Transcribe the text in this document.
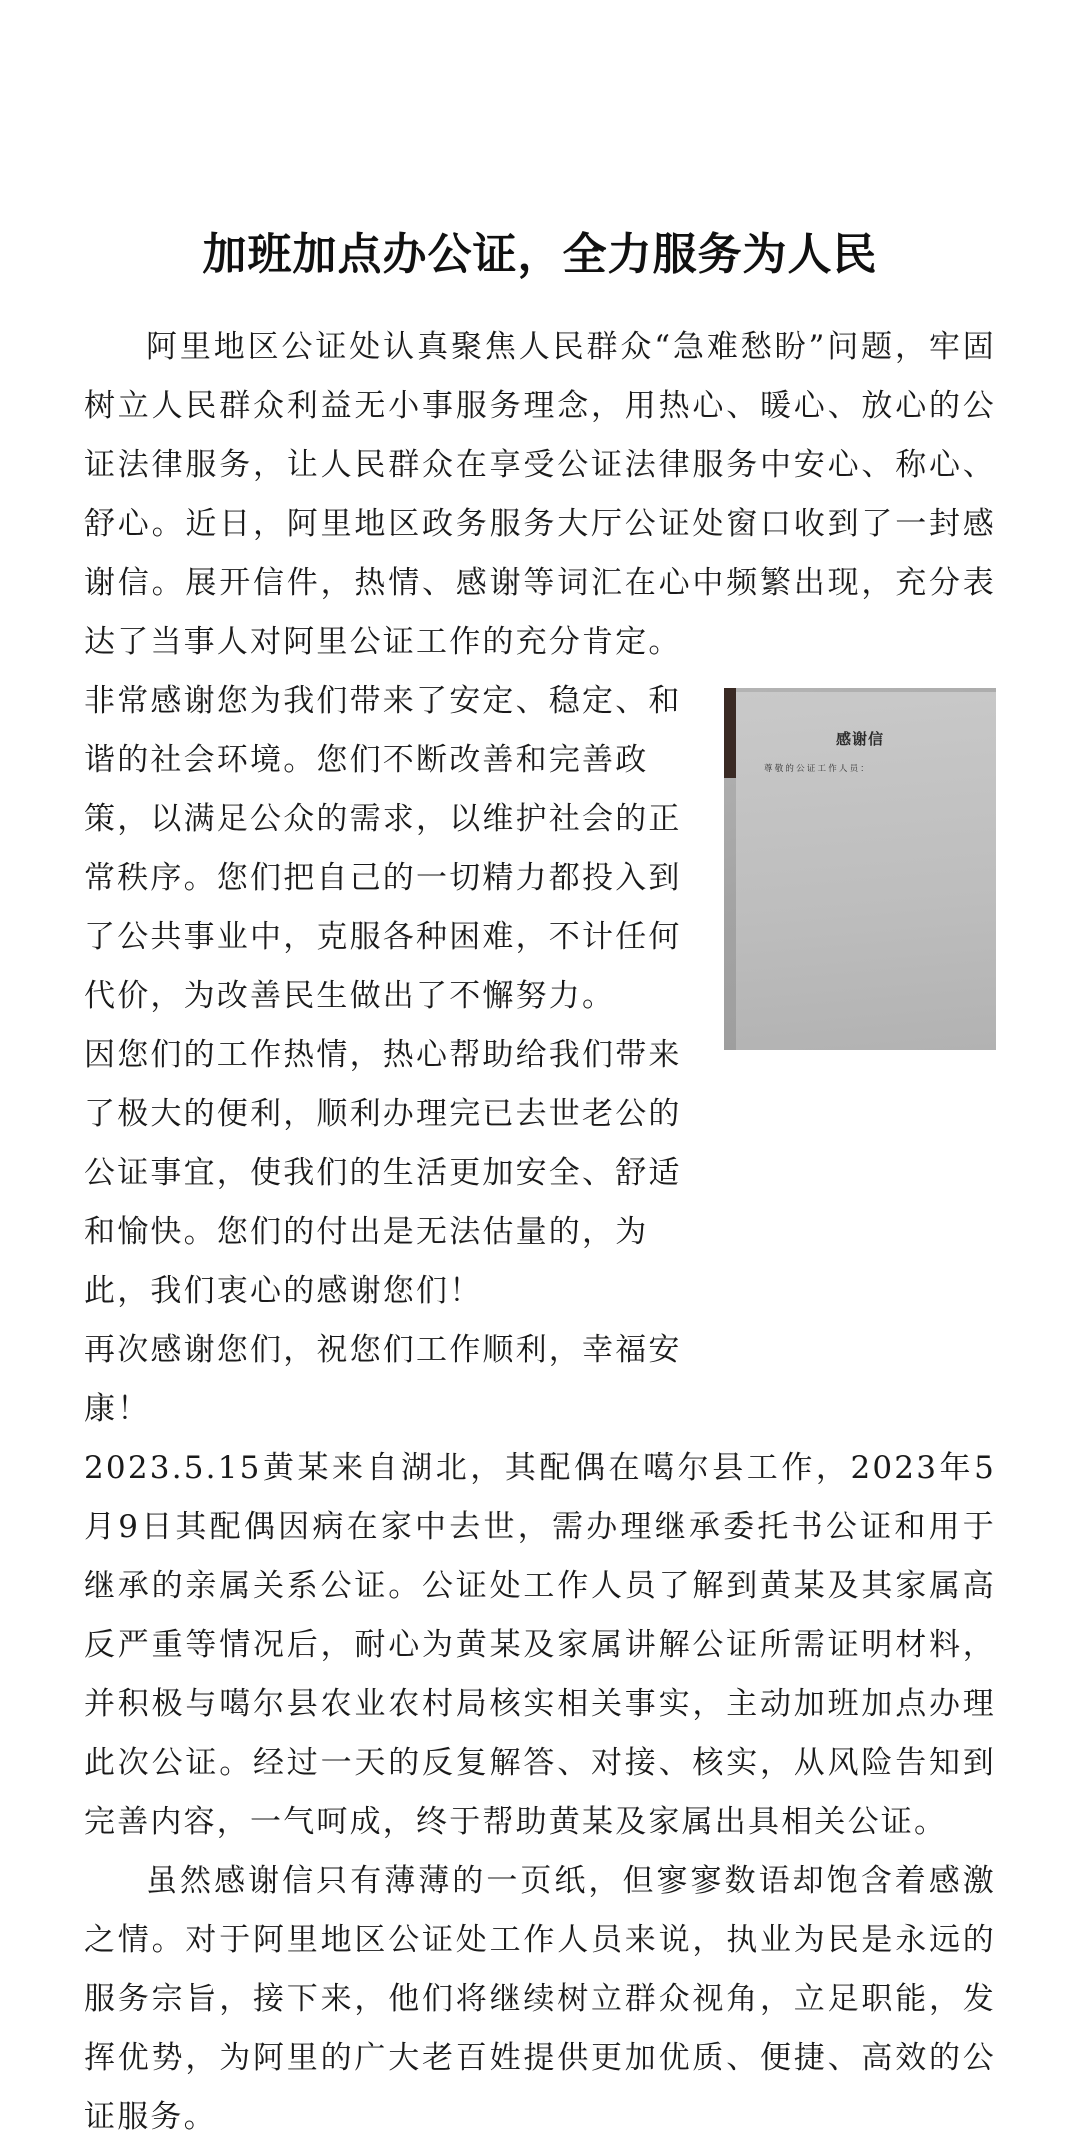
加班加点办公证，全力服务为人民

阿里地区公证处认真聚焦人民群众“急难愁盼”问题，牢固树立人民群众利益无小事服务理念，用热心、暖心、放心的公证法律服务，让人民群众在享受公证法律服务中安心、称心、舒心。近日，阿里地区政务服务大厅公证处窗口收到了一封感谢信。展开信件，热情、感谢等词汇在心中频繁出现，充分表达了当事人对阿里公证工作的充分肯定。

感谢信
尊敬的公证工作人员：

非常感谢您为我们带来了安定、稳定、和
谐的社会环境。您们不断改善和完善政
策，以满足公众的需求，以维护社会的正
常秩序。您们把自己的一切精力都投入到
了公共事业中，克服各种困难，不计任何
代价，为改善民生做出了不懈努力。
因您们的工作热情，热心帮助给我们带来
了极大的便利，顺利办理完已去世老公的
公证事宜，使我们的生活更加安全、舒适
和愉快。您们的付出是无法估量的，为
此，我们衷心的感谢您们！
再次感谢您们，祝您们工作顺利，幸福安
康！
2023.5.15黄某来自湖北，其配偶在噶尔县工作，2023年5月9日其配偶因病在家中去世，需办理继承委托书公证和用于继承的亲属关系公证。公证处工作人员了解到黄某及其家属高反严重等情况后，耐心为黄某及家属讲解公证所需证明材料，并积极与噶尔县农业农村局核实相关事实，主动加班加点办理此次公证。经过一天的反复解答、对接、核实，从风险告知到完善内容，一气呵成，终于帮助黄某及家属出具相关公证。

虽然感谢信只有薄薄的一页纸，但寥寥数语却饱含着感激之情。对于阿里地区公证处工作人员来说，执业为民是永远的服务宗旨，接下来，他们将继续树立群众视角，立足职能，发挥优势，为阿里的广大老百姓提供更加优质、便捷、高效的公证服务。
